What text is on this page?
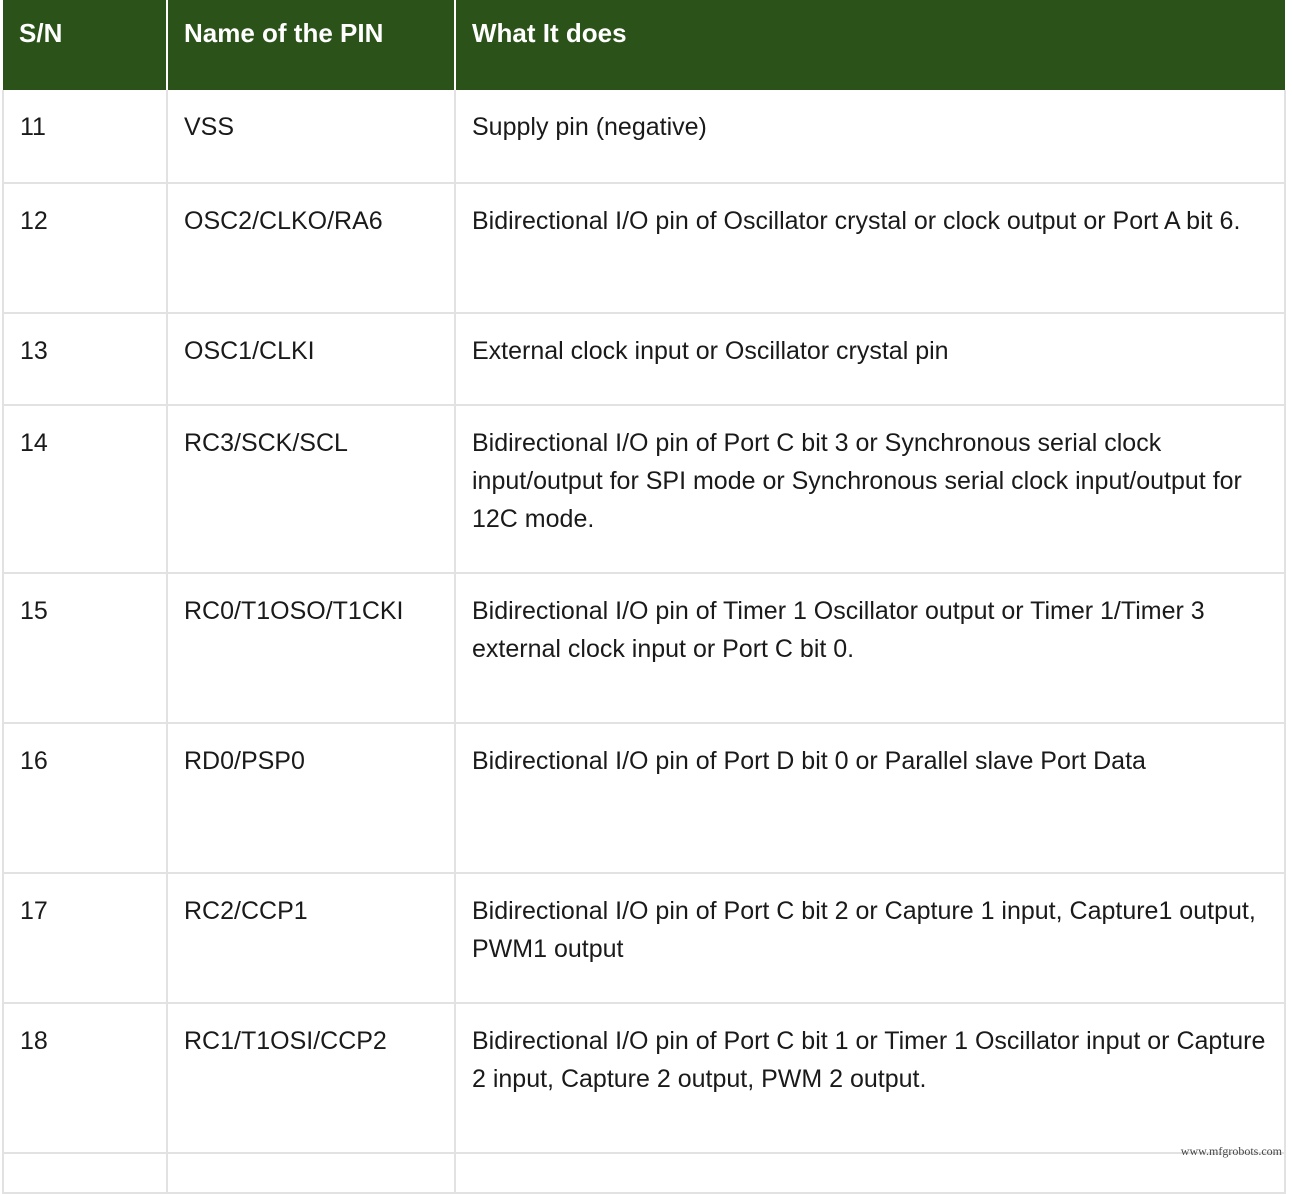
S/N	Name of the PIN	What It does
11	VSS	Supply pin (negative)
12	OSC2/CLKO/RA6	Bidirectional I/O pin of Oscillator crystal or clock output or Port A bit 6.
13	OSC1/CLKI	External clock input or Oscillator crystal pin
14	RC3/SCK/SCL	Bidirectional I/O pin of Port C bit 3 or Synchronous serial clock input/output for SPI mode or Synchronous serial clock input/output for 12C mode.
15	RC0/T1OSO/T1CKI	Bidirectional I/O pin of Timer 1 Oscillator output or Timer 1/Timer 3 external clock input or Port C bit 0.
16	RD0/PSP0	Bidirectional I/O pin of Port D bit 0 or Parallel slave Port Data
17	RC2/CCP1	Bidirectional I/O pin of Port C bit 2 or Capture 1 input, Capture1 output, PWM1 output
18	RC1/T1OSI/CCP2	Bidirectional I/O pin of Port C bit 1 or Timer 1 Oscillator input or Capture 2 input, Capture 2 output, PWM 2 output.

www.mfgrobots.com
